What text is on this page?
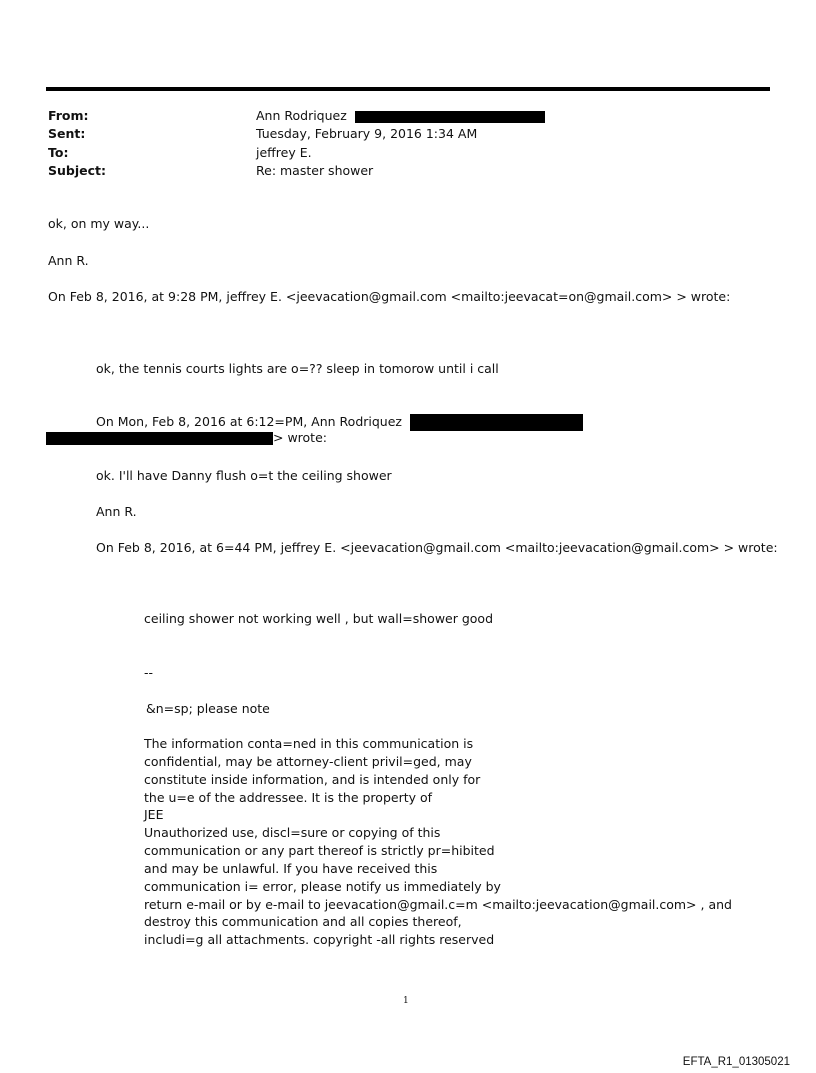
From:	Ann Rodriquez
Sent:	Tuesday, February 9, 2016 1:34 AM
To:	jeffrey E.
Subject:	Re: master shower
ok, on my way...
Ann R.
On Feb 8, 2016, at 9:28 PM, jeffrey E. <jeevacation@gmail.com <mailto:jeevacat=on@gmail.com> > wrote:
ok, the tennis courts lights are o=?? sleep in tomorow until i call
On Mon, Feb 8, 2016 at 6:12=PM, Ann Rodriquez
> wrote:
ok. I'll have Danny flush o=t the ceiling shower
Ann R.
On Feb 8, 2016, at 6=44 PM, jeffrey E. <jeevacation@gmail.com <mailto:jeevacation@gmail.com> > wrote:
ceiling shower not working well , but wall=shower good
--
&n=sp; please note
The information conta=ned in this communication is
confidential, may be attorney-client privil=ged, may
constitute inside information, and is intended only for
the u=e of the addressee. It is the property of
JEE
Unauthorized use, discl=sure or copying of this
communication or any part thereof is strictly pr=hibited
and may be unlawful. If you have received this
communication i= error, please notify us immediately by
return e-mail or by e-mail to jeevacation@gmail.c=m <mailto:jeevacation@gmail.com> , and
destroy this communication and all copies thereof,
includi=g all attachments. copyright -all rights reserved
1
EFTA_R1_01305021
